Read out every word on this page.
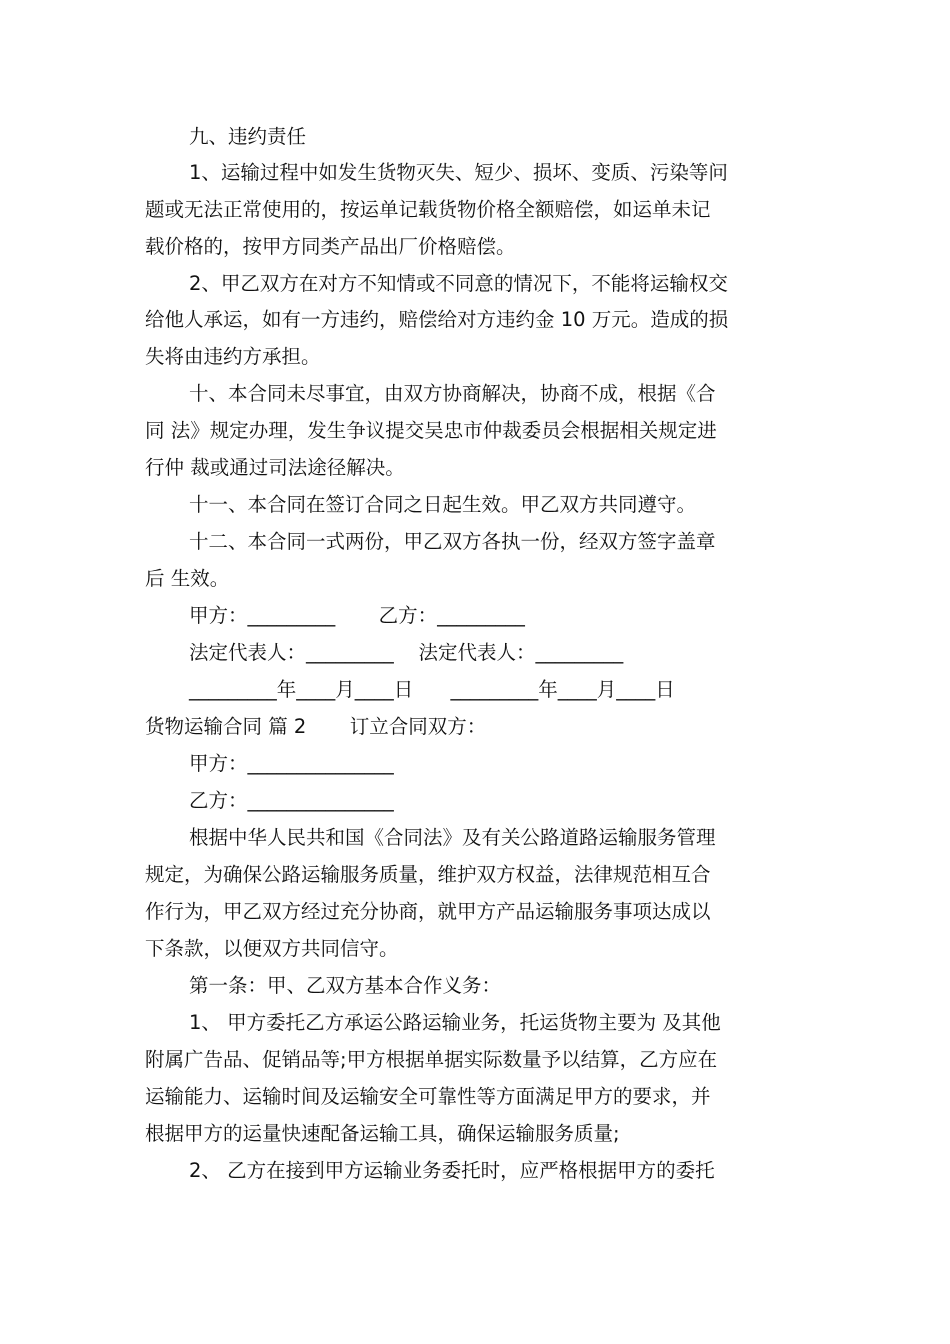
九、违约责任
1、运输过程中如发生货物灭失、短少、损坏、变质、污染等问
题或无法正常使用的，按运单记载货物价格全额赔偿，如运单未记
载价格的，按甲方同类产品出厂价格赔偿。
2、甲乙双方在对方不知情或不同意的情况下，不能将运输权交
给他人承运，如有一方违约，赔偿给对方违约金 10 万元。造成的损
失将由违约方承担。
十、本合同未尽事宜，由双方协商解决，协商不成，根据《合
同 法》规定办理，发生争议提交吴忠市仲裁委员会根据相关规定进
行仲 裁或通过司法途径解决。
十一、本合同在签订合同之日起生效。甲乙双方共同遵守。
十二、本合同一式两份，甲乙双方各执一份，经双方签字盖章
后 生效。
甲方：_________       乙方：_________
法定代表人：_________    法定代表人：_________
_________年____月____日      _________年____月____日
货物运输合同 篇 2       订立合同双方：
甲方：_______________
乙方：_______________
根据中华人民共和国《合同法》及有关公路道路运输服务管理
规定，为确保公路运输服务质量，维护双方权益，法律规范相互合
作行为，甲乙双方经过充分协商，就甲方产品运输服务事项达成以
下条款，以便双方共同信守。
第一条：甲、乙双方基本合作义务：
1、 甲方委托乙方承运公路运输业务，托运货物主要为 及其他
附属广告品、促销品等;甲方根据单据实际数量予以结算，乙方应在
运输能力、运输时间及运输安全可靠性等方面满足甲方的要求，并
根据甲方的运量快速配备运输工具，确保运输服务质量;
2、 乙方在接到甲方运输业务委托时，应严格根据甲方的委托
